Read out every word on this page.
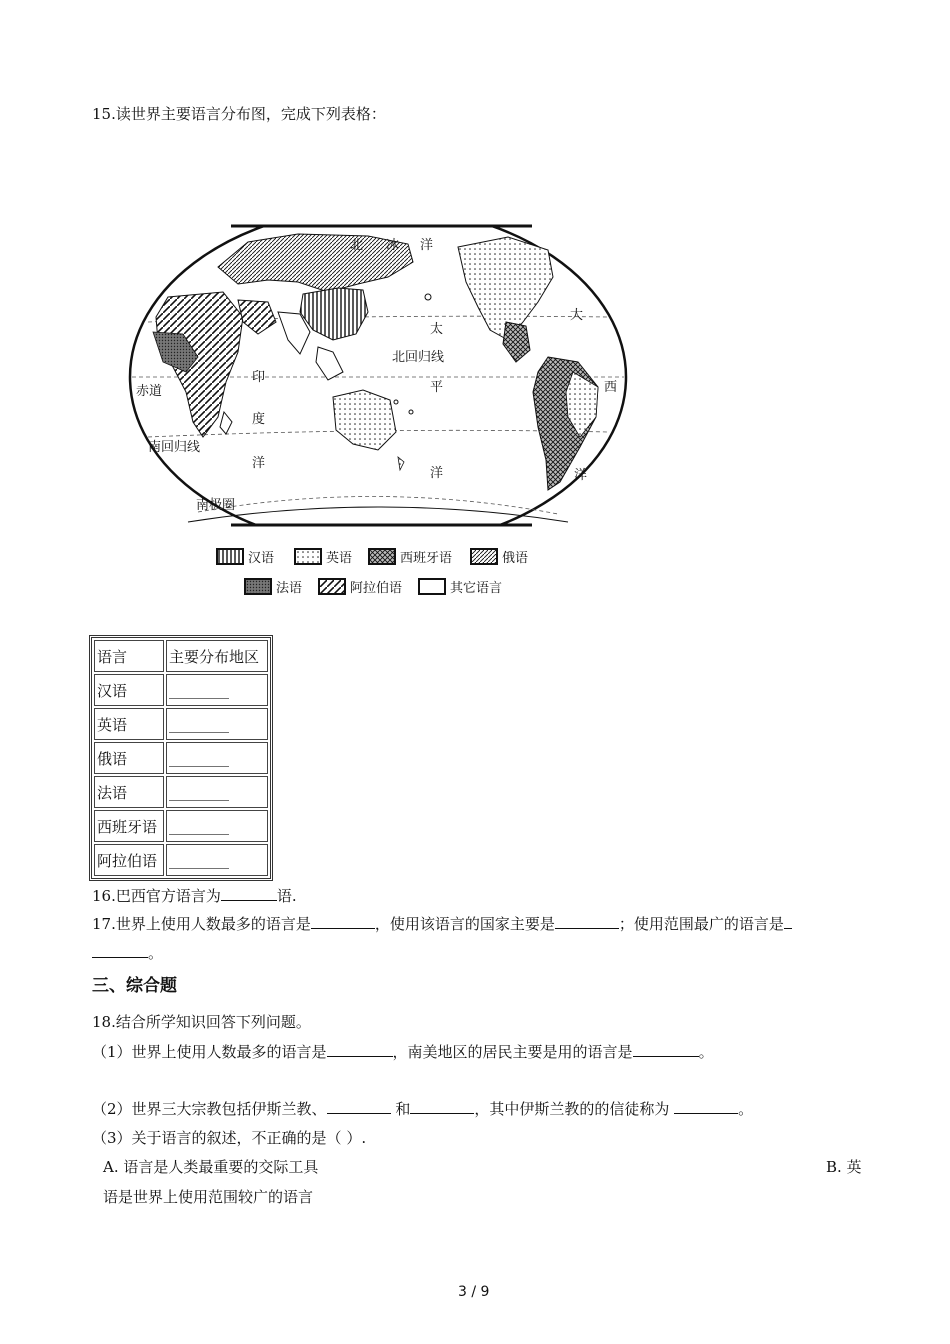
15.读世界主要语言分布图，完成下列表格：
北 冰 洋
太
北回归线
平
洋
大
西
洋
印
度
洋
赤道
南回归线
南极圈
汉语	英语	西班牙语	俄语
法语	阿拉伯语	其它语言
语言	主要分布地区
汉语	________
英语	________
俄语	________
法语	________
西班牙语	________
阿拉伯语	________
16.巴西官方语言为	语.
17.世界上使用人数最多的语言是	，使用该语言的国家主要是	；使用范围最广的语言是
。
三、综合题
18.结合所学知识回答下列问题。
（1）世界上使用人数最多的语言是	，南美地区的居民主要是用的语言是	。
（2）世界三大宗教包括伊斯兰教、	和	，其中伊斯兰教的的信徒称为	。
（3）关于语言的叙述，不正确的是（ ）.
A. 语言是人类最重要的交际工具	B. 英
语是世界上使用范围较广的语言
3 / 9
